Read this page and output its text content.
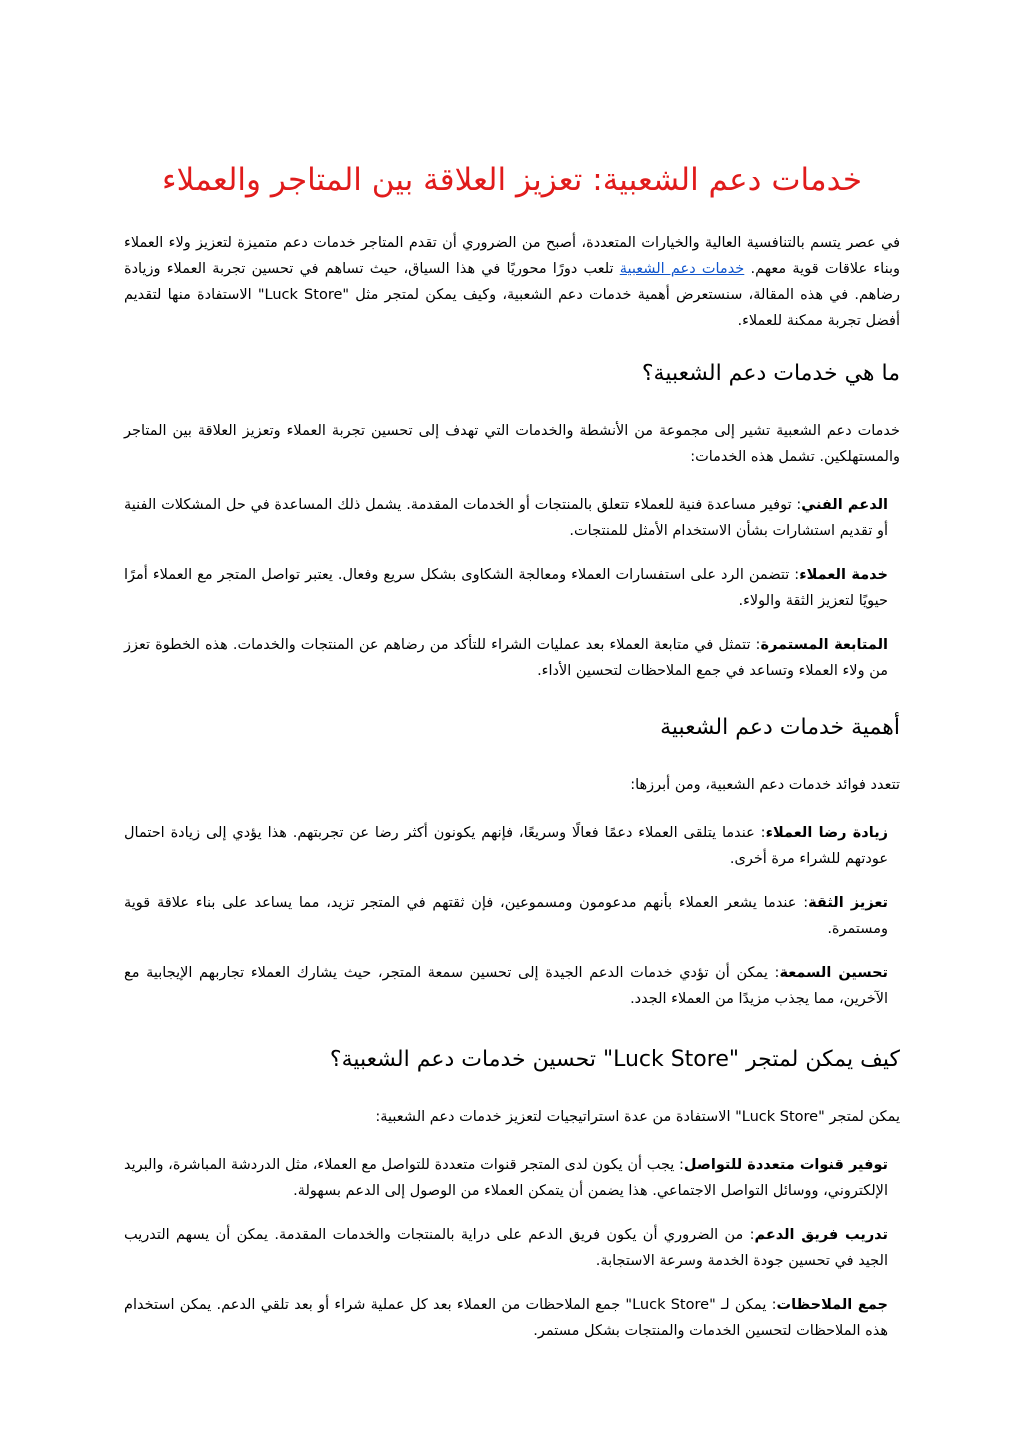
خدمات دعم الشعبية: تعزيز العلاقة بين المتاجر والعملاء

في عصر يتسم بالتنافسية العالية والخيارات المتعددة، أصبح من الضروري أن تقدم المتاجر خدمات دعم متميزة لتعزيز ولاء العملاء وبناء علاقات قوية معهم. خدمات دعم الشعبية تلعب دورًا محوريًا في هذا السياق، حيث تساهم في تحسين تجربة العملاء وزيادة رضاهم. في هذه المقالة، سنستعرض أهمية خدمات دعم الشعبية، وكيف يمكن لمتجر مثل "Luck Store" الاستفادة منها لتقديم أفضل تجربة ممكنة للعملاء.

ما هي خدمات دعم الشعبية؟

خدمات دعم الشعبية تشير إلى مجموعة من الأنشطة والخدمات التي تهدف إلى تحسين تجربة العملاء وتعزيز العلاقة بين المتاجر والمستهلكين. تشمل هذه الخدمات:

الدعم الفني: توفير مساعدة فنية للعملاء تتعلق بالمنتجات أو الخدمات المقدمة. يشمل ذلك المساعدة في حل المشكلات الفنية أو تقديم استشارات بشأن الاستخدام الأمثل للمنتجات.

خدمة العملاء: تتضمن الرد على استفسارات العملاء ومعالجة الشكاوى بشكل سريع وفعال. يعتبر تواصل المتجر مع العملاء أمرًا حيويًا لتعزيز الثقة والولاء.

المتابعة المستمرة: تتمثل في متابعة العملاء بعد عمليات الشراء للتأكد من رضاهم عن المنتجات والخدمات. هذه الخطوة تعزز من ولاء العملاء وتساعد في جمع الملاحظات لتحسين الأداء.

أهمية خدمات دعم الشعبية

تتعدد فوائد خدمات دعم الشعبية، ومن أبرزها:

زيادة رضا العملاء: عندما يتلقى العملاء دعمًا فعالًا وسريعًا، فإنهم يكونون أكثر رضا عن تجربتهم. هذا يؤدي إلى زيادة احتمال عودتهم للشراء مرة أخرى.

تعزيز الثقة: عندما يشعر العملاء بأنهم مدعومون ومسموعين، فإن ثقتهم في المتجر تزيد، مما يساعد على بناء علاقة قوية ومستمرة.

تحسين السمعة: يمكن أن تؤدي خدمات الدعم الجيدة إلى تحسين سمعة المتجر، حيث يشارك العملاء تجاربهم الإيجابية مع الآخرين، مما يجذب مزيدًا من العملاء الجدد.

كيف يمكن لمتجر "Luck Store" تحسين خدمات دعم الشعبية؟

يمكن لمتجر "Luck Store" الاستفادة من عدة استراتيجيات لتعزيز خدمات دعم الشعبية:

توفير قنوات متعددة للتواصل: يجب أن يكون لدى المتجر قنوات متعددة للتواصل مع العملاء، مثل الدردشة المباشرة، والبريد الإلكتروني، ووسائل التواصل الاجتماعي. هذا يضمن أن يتمكن العملاء من الوصول إلى الدعم بسهولة.

تدريب فريق الدعم: من الضروري أن يكون فريق الدعم على دراية بالمنتجات والخدمات المقدمة. يمكن أن يسهم التدريب الجيد في تحسين جودة الخدمة وسرعة الاستجابة.

جمع الملاحظات: يمكن لـ "Luck Store" جمع الملاحظات من العملاء بعد كل عملية شراء أو بعد تلقي الدعم. يمكن استخدام هذه الملاحظات لتحسين الخدمات والمنتجات بشكل مستمر.
